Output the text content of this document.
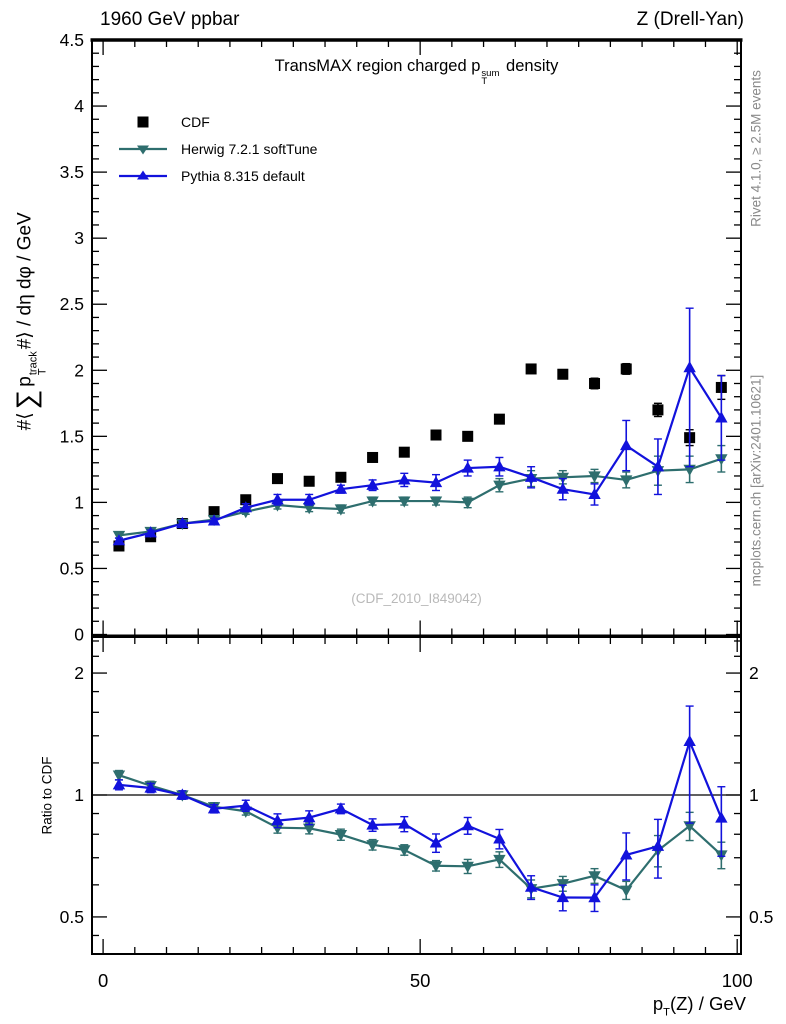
0
0.5
1
1.5
2
2.5
3
3.5
4
4.5
0.5	0.5
1	1
2	2
0	50	100
1960 GeV ppbar	Z (Drell-Yan)
TransMAX region charged p sum
T
density
CDF
Herwig 7.2.1 softTune
Pythia 8.315 default
#⟨∑p
track
T
#⟩ / dη dφ / GeV
Ratio to CDF
Rivet 4.1.0, ≥ 2.5M events
mcplots.cern.ch [arXiv:2401.10621]
(CDF_2010_I849042)
$p_T(Z)$ / GeV
